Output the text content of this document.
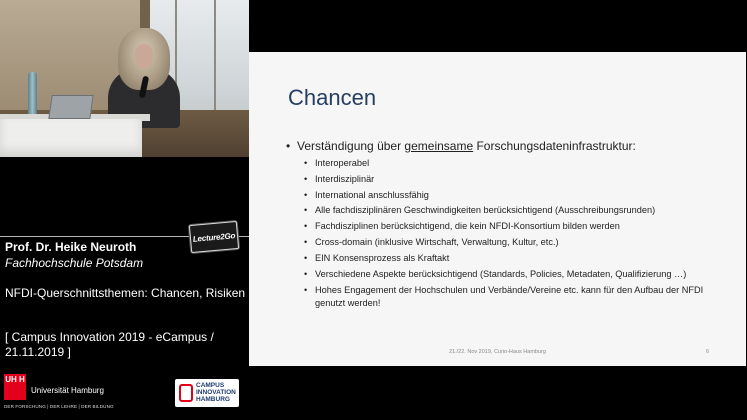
Lecture2Go
Prof. Dr. Heike Neuroth
Fachhochschule Potsdam
NFDI-Querschnittsthemen: Chancen, Risiken
[ Campus Innovation 2019 - eCampus / 21.11.2019 ]
UH H
Universität Hamburg
DER FORSCHUNG | DER LEHRE | DER BILDUNG
CAMPUS
INNOVATION
HAMBURG
Chancen
• Verständigung über gemeinsame Forschungsdateninfrastruktur:
• Interoperabel
• Interdisziplinär
• International anschlussfähig
• Alle fachdisziplinären Geschwindigkeiten berücksichtigend (Ausschreibungsrunden)
• Fachdisziplinen berücksichtigend, die kein NFDI-Konsortium bilden werden
• Cross-domain (inklusive Wirtschaft, Verwaltung, Kultur, etc.)
• EIN Konsensprozess als Kraftakt
• Verschiedene Aspekte berücksichtigend (Standards, Policies, Metadaten, Qualifizierung …)
• Hohes Engagement der Hochschulen und Verbände/Vereine etc. kann für den Aufbau der NFDI genutzt werden!
21./22. Nov 2019, Curio-Haus Hamburg	6
